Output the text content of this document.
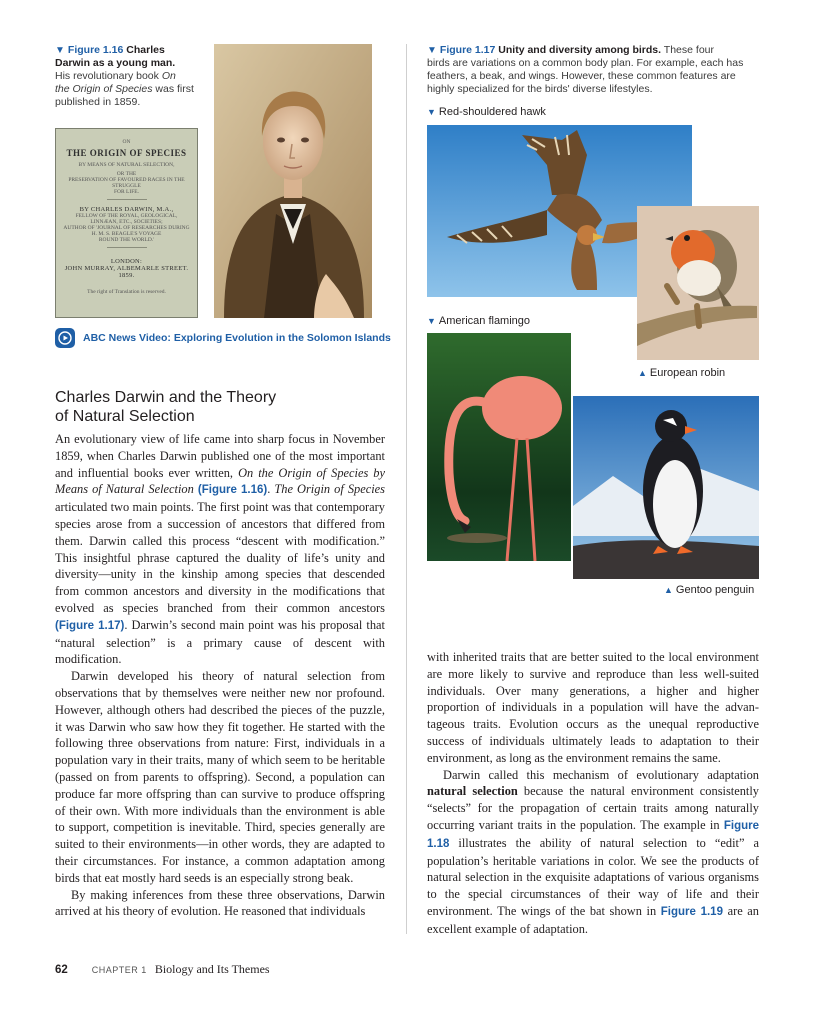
▼ Figure 1.16 Charles
Darwin as a young man.
His revolutionary book On
the Origin of Species was first
published in 1859.
ON
THE ORIGIN OF SPECIES
BY MEANS OF NATURAL SELECTION,
OR THE
PRESERVATION OF FAVOURED RACES IN THE STRUGGLE
FOR LIFE.
BY CHARLES DARWIN, M.A.,
FELLOW OF THE ROYAL, GEOLOGICAL, LINNÆAN, ETC., SOCIETIES;
AUTHOR OF 'JOURNAL OF RESEARCHES DURING H. M. S. BEAGLE'S VOYAGE
ROUND THE WORLD.'
LONDON:
JOHN MURRAY, ALBEMARLE STREET.
1859.
The right of Translation is reserved.
ABC News Video: Exploring Evolution in the Solomon Islands
▼ Figure 1.17 Unity and diversity among birds. These four
birds are variations on a common body plan. For example, each has
feathers, a beak, and wings. However, these common features are
highly specialized for the birds' diverse lifestyles.
▼ Red-shouldered hawk
▼ American flamingo
▲ European robin
▲ Gentoo penguin
Charles Darwin and the Theory
of Natural Selection

An evolutionary view of life came into sharp focus in November 1859, when Charles Darwin published one of the most important and influential books ever written, On the Origin of Species by Means of Natural Selection (Figure 1.16). The Origin of Species articulated two main points. The first point was that contemporary species arose from a succession of ancestors that differed from them. Darwin called this process “descent with modification.” This insightful phrase captured the duality of life’s unity and diversity—unity in the kinship among species that descended from common ancestors and diversity in the modifications that evolved as species branched from their common ancestors (Figure 1.17). Darwin’s second main point was his proposal that “natural selection” is a primary cause of descent with modification.

Darwin developed his theory of natural selection from observations that by themselves were neither new nor profound. However, although others had described the pieces of the puzzle, it was Darwin who saw how they fit together. He started with the following three observations from nature: First, individuals in a population vary in their traits, many of which seem to be heritable (passed on from parents to offspring). Second, a population can produce far more offspring than can survive to produce offspring of their own. With more individuals than the environment is able to support, competition is inevitable. Third, species generally are suited to their environments—in other words, they are adapted to their circumstances. For instance, a common adaptation among birds that eat mostly hard seeds is an especially strong beak.

By making inferences from these three observations, Darwin arrived at his theory of evolution. He reasoned that individuals

with inherited traits that are better suited to the local environment are more likely to survive and reproduce than less well-suited individuals. Over many generations, a higher and higher proportion of individuals in a population will have the advantageous traits. Evolution occurs as the unequal reproductive success of individuals ultimately leads to adaptation to their environment, as long as the environment remains the same.

Darwin called this mechanism of evolutionary adaptation natural selection because the natural environment consistently “selects” for the propagation of certain traits among naturally occurring variant traits in the population. The example in Figure 1.18 illustrates the ability of natural selection to “edit” a population’s heritable variations in color. We see the products of natural selection in the exquisite adaptations of various organisms to the special circumstances of their way of life and their environment. The wings of the bat shown in Figure 1.19 are an excellent example of adaptation.

62	CHAPTER 1 Biology and Its Themes
